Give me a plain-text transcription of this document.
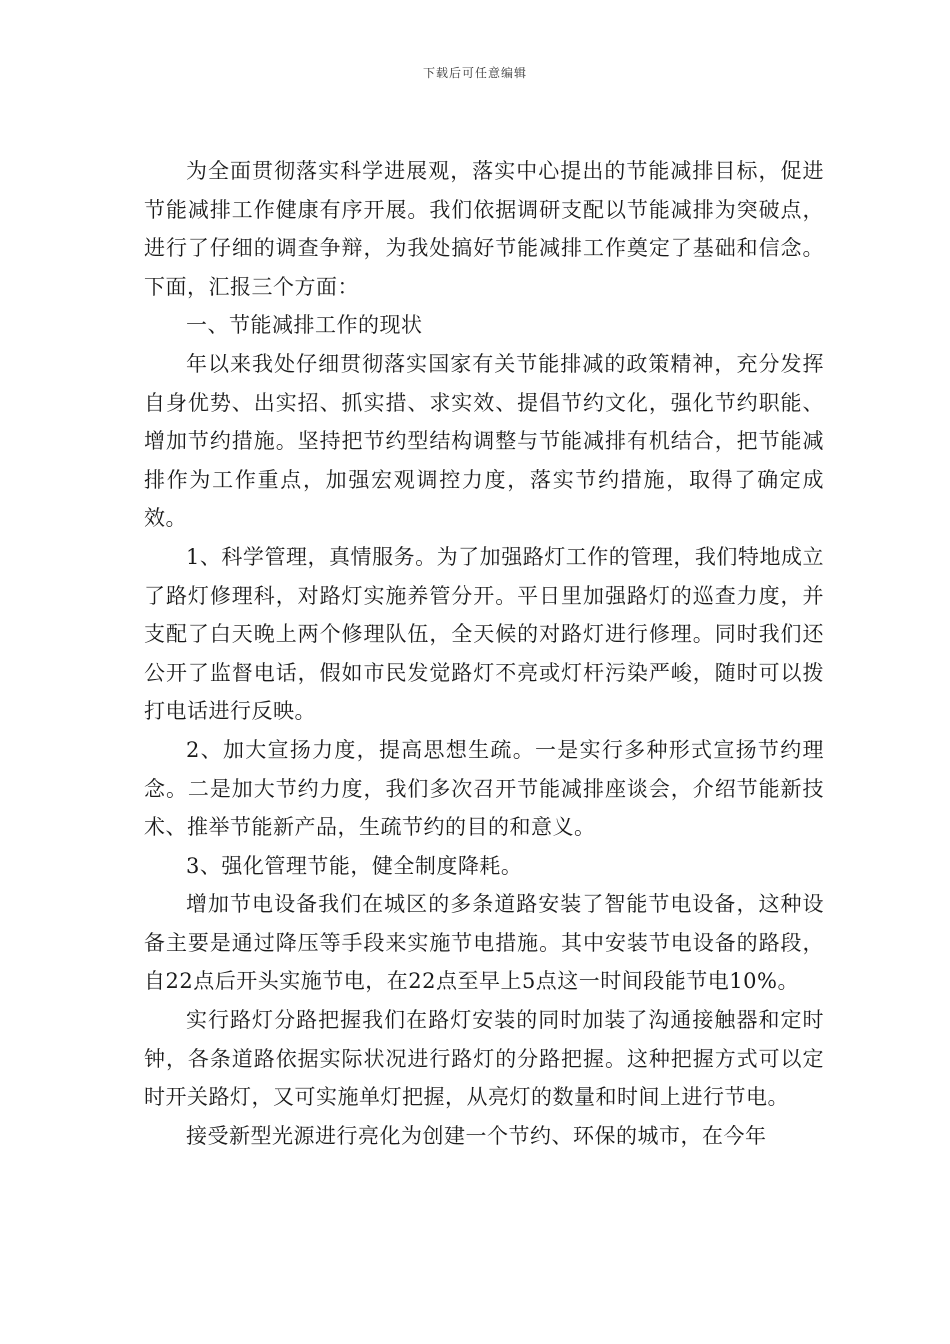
下载后可任意编辑

为全面贯彻落实科学进展观，落实中心提出的节能减排目标，促进节能减排工作健康有序开展。我们依据调研支配以节能减排为突破点，进行了仔细的调查争辩，为我处搞好节能减排工作奠定了基础和信念。下面，汇报三个方面：

一、节能减排工作的现状

年以来我处仔细贯彻落实国家有关节能排减的政策精神，充分发挥自身优势、出实招、抓实措、求实效、提倡节约文化，强化节约职能、增加节约措施。坚持把节约型结构调整与节能减排有机结合，把节能减排作为工作重点，加强宏观调控力度，落实节约措施，取得了确定成效。

1、科学管理，真情服务。为了加强路灯工作的管理，我们特地成立了路灯修理科，对路灯实施养管分开。平日里加强路灯的巡查力度，并支配了白天晚上两个修理队伍，全天候的对路灯进行修理。同时我们还公开了监督电话，假如市民发觉路灯不亮或灯杆污染严峻，随时可以拨打电话进行反映。

2、加大宣扬力度，提高思想生疏。一是实行多种形式宣扬节约理念。二是加大节约力度，我们多次召开节能减排座谈会，介绍节能新技术、推举节能新产品，生疏节约的目的和意义。

3、强化管理节能，健全制度降耗。

增加节电设备我们在城区的多条道路安装了智能节电设备，这种设备主要是通过降压等手段来实施节电措施。其中安装节电设备的路段，自22点后开头实施节电，在22点至早上5点这一时间段能节电10%。

实行路灯分路把握我们在路灯安装的同时加装了沟通接触器和定时钟，各条道路依据实际状况进行路灯的分路把握。这种把握方式可以定时开关路灯，又可实施单灯把握，从亮灯的数量和时间上进行节电。

接受新型光源进行亮化为创建一个节约、环保的城市，在今年
